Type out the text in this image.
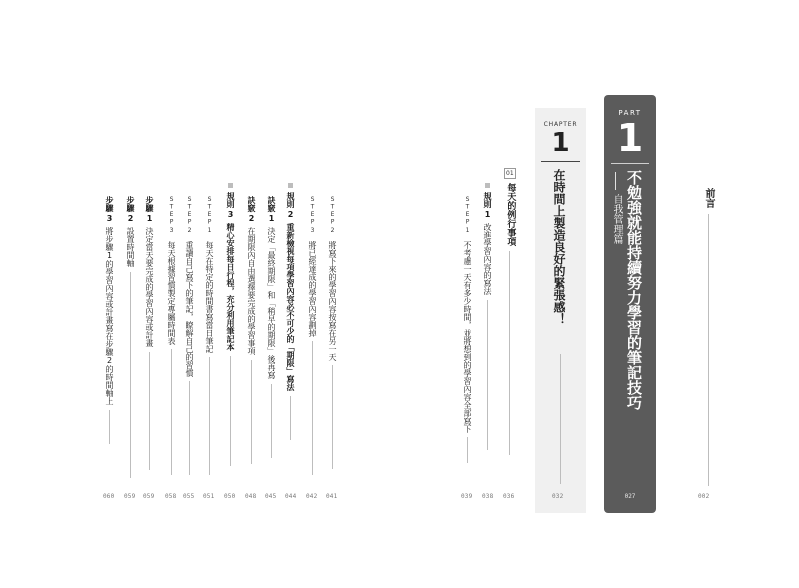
前言
002
PART
1
不勉強就能持續努力學習的筆記技巧
自我管理篇
027
CHAPTER
1
在時間上製造良好的緊張感！
032
01
每天的例行事項
036
規則
1
改進學習內容的寫法
038
STEP
1
不考慮一天有多少時間，並將想到的學習內容全部寫下
039
STEP
2
將寫下來的學習內容按寫在另一天
041
STEP
3
將已經達成的學習內容劃掉
042
規則
2
重新檢視每項學習內容必不可少的「期限」寫法
044
訣竅
1
決定「最終期限」和「稍早的期限」後再寫
045
訣竅
2
在期限內自由選擇要完成的學習事項
048
規則
3
精心安排每日行程，充分利用筆記本
050
STEP
1
每天在特定的時間書寫當日筆記
051
STEP
2
重讀自己寫下的筆記，瞭解自己的習慣
055
STEP
3
每天根據習慣製定專屬時間表
058
步驟
1
決定當天要完成的學習內容或計畫
059
步驟
2
設置時間軸
059
步驟
3
將步驟1的學習內容或計畫寫在步驟2的時間軸上
060
